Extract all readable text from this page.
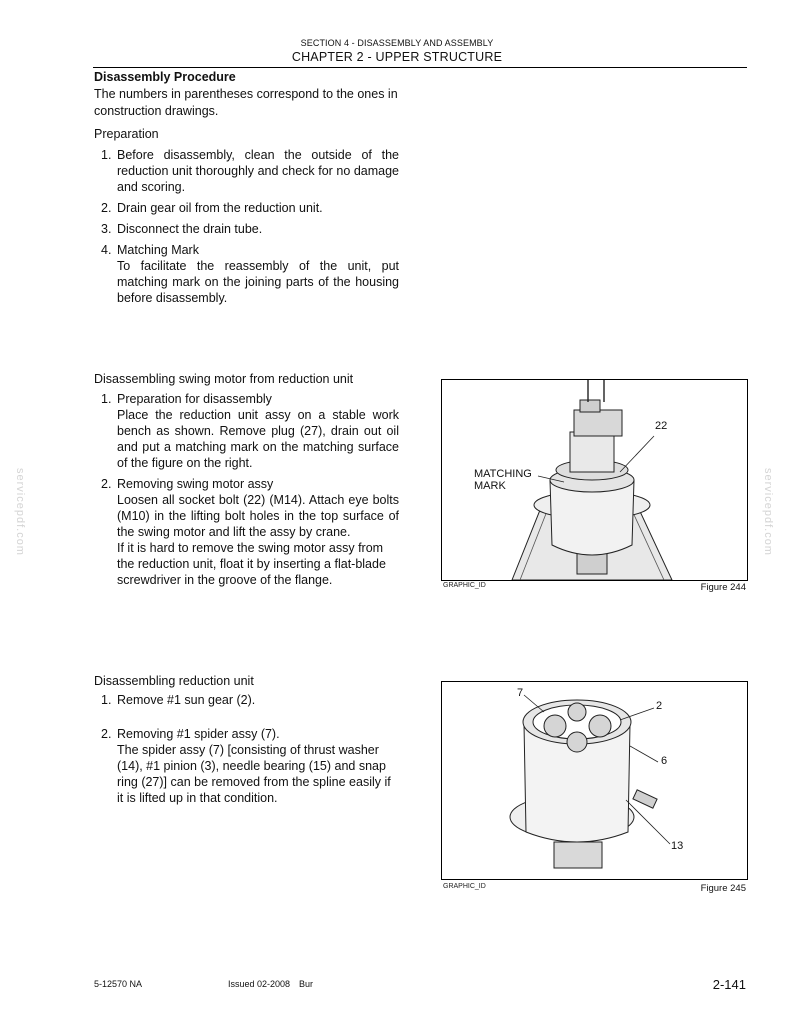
SECTION 4 - DISASSEMBLY AND ASSEMBLY
CHAPTER 2 - UPPER STRUCTURE
servicepdf.com	servicepdf.com
Disassembly Procedure
The numbers in parentheses correspond to the ones in construction drawings.
Preparation
1. Before disassembly, clean the outside of the reduction unit thoroughly and check for no damage and scoring.
2. Drain gear oil from the reduction unit.
3. Disconnect the drain tube.
4. Matching Mark
To facilitate the reassembly of the unit, put matching mark on the joining parts of the housing before disassembly.
Disassembling swing motor from reduction unit
1. Preparation for disassembly
Place the reduction unit assy on a stable work bench as shown. Remove plug (27), drain out oil and put a matching mark on the matching surface of the figure on the right.
2. Removing swing motor assy
Loosen all socket bolt (22) (M14). Attach eye bolts (M10) in the lifting bolt holes in the top surface of the swing motor and lift the assy by crane.
If it is hard to remove the swing motor assy from the reduction unit, float it by inserting a flat-blade screwdriver in the groove of the flange.
Disassembling reduction unit
1. Remove #1 sun gear (2).
2. Removing #1 spider assy (7).
The spider assy (7) [consisting of thrust washer (14), #1 pinion (3), needle bearing (15) and snap ring (27)] can be removed from the spline easily if it is lifted up in that condition.
22
MATCHING
MARK
GRAPHIC_ID	Figure 244
7
2
6
13
GRAPHIC_ID	Figure 245
5-12570 NA	Issued 02-2008 Bur	2-141
